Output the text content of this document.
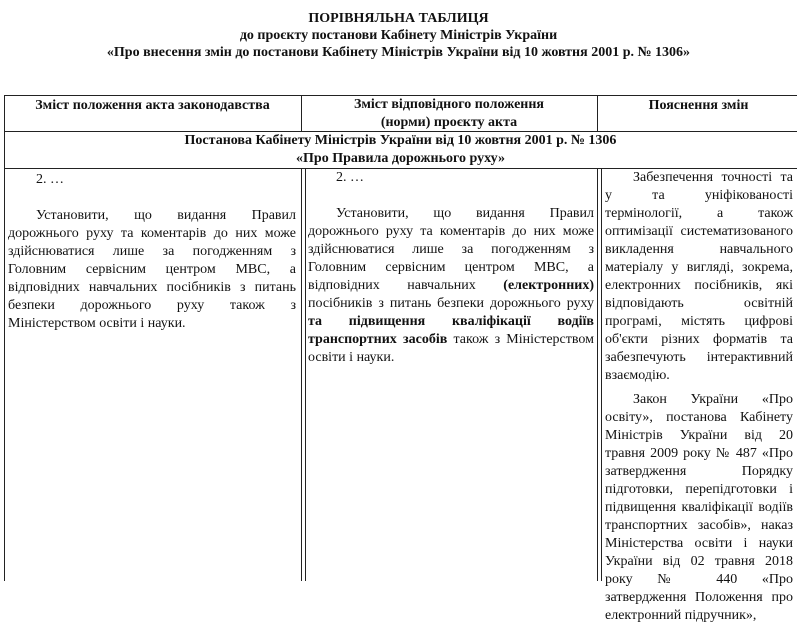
ПОРІВНЯЛЬНА ТАБЛИЦЯ
до проєкту постанови Кабінету Міністрів України
«Про внесення змін до постанови Кабінету Міністрів України від 10 жовтня 2001 р. № 1306»
Зміст положення акта законодавства	Зміст відповідного положення
(норми) проєкту акта
Пояснення змін
Постанова Кабінету Міністрів України від 10 жовтня 2001 р. № 1306
«Про Правила дорожнього руху»
2. …
Установити, що видання Правил дорожнього руху та коментарів до них може здійснюватися лише за погодженням з Головним сервісним центром МВС, а відповідних навчальних посібників з питань безпеки дорожнього руху також з Міністерством освіти і науки.
2. …
Установити, що видання Правил дорожнього руху та коментарів до них може здійснюватися лише за погодженням з Головним сервісним центром МВС, а відповідних навчальних (електронних) посібників з питань безпеки дорожнього руху та підвищення кваліфікації водіїв транспортних засобів також з Міністерством освіти і науки.

Забезпечення точності та у та уніфікованості термінології, а також оптимізації систематизованого викладення навчального матеріалу у вигляді, зокрема, електронних посібників, які відповідають освітній програмі, містять цифрові об'єкти різних форматів та забезпечують інтерактивний взаємодію.

Закон України «Про освіту», постанова Кабінету Міністрів України від 20 травня 2009 року № 487 «Про затвердження Порядку підготовки, перепідготовки і підвищення кваліфікації водіїв транспортних засобів», наказ Міністерства освіти і науки України від 02 травня 2018 року № 440 «Про затвердження Положення про електронний підручник»,
